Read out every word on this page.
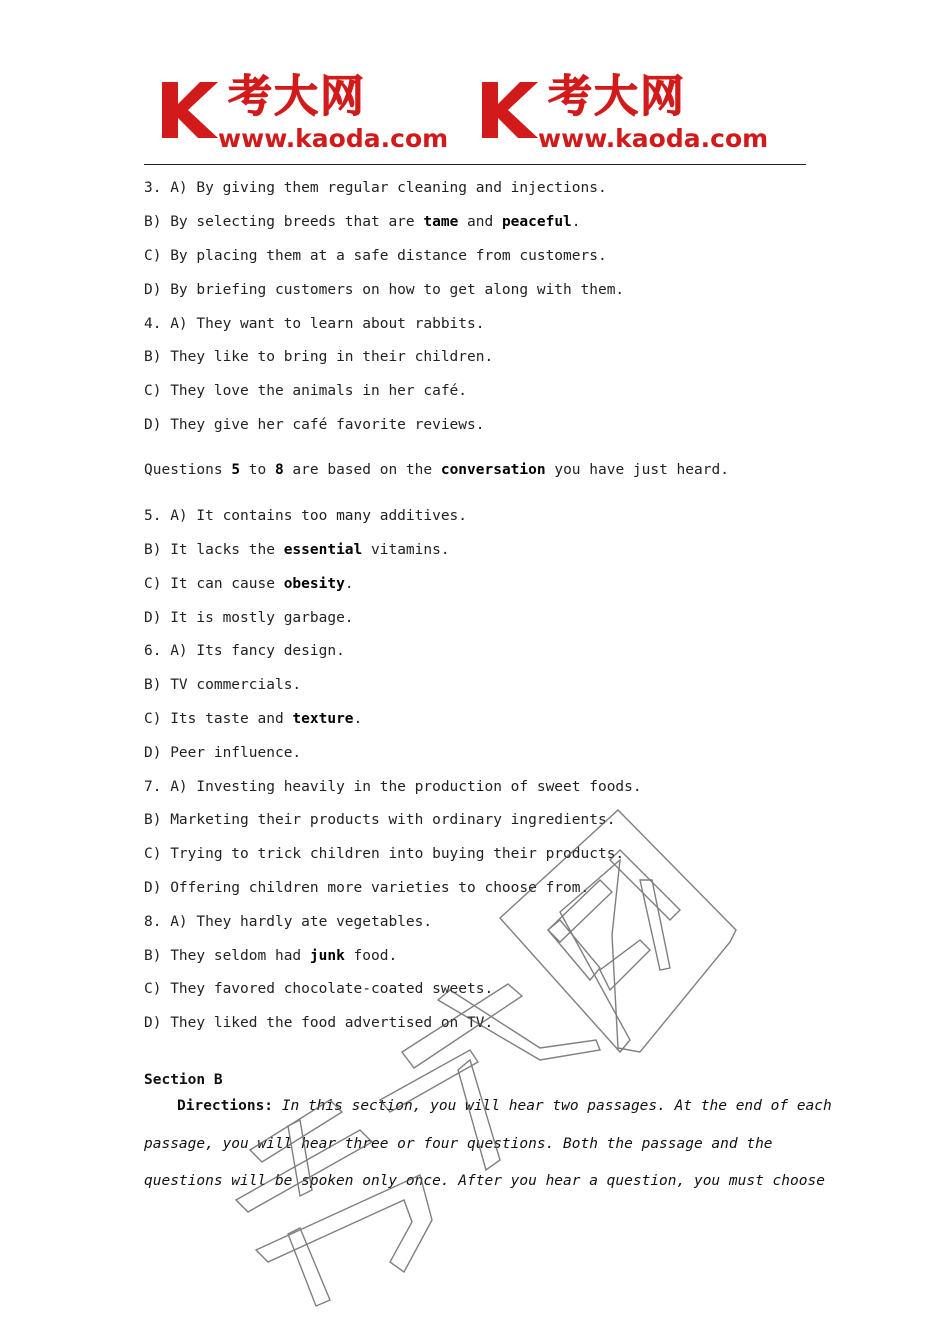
考大网
www.kaoda.com
考大网
www.kaoda.com
3. A) By giving them regular cleaning and injections.
B) By selecting breeds that are tame and peaceful.
C) By placing them at a safe distance from customers.
D) By briefing customers on how to get along with them.
4. A) They want to learn about rabbits.
B) They like to bring in their children.
C) They love the animals in her café.
D) They give her café favorite reviews.
Questions 5 to 8 are based on the conversation you have just heard.
5. A) It contains too many additives.
B) It lacks the essential vitamins.
C) It can cause obesity.
D) It is mostly garbage.
6. A) Its fancy design.
B) TV commercials.
C) Its taste and texture.
D) Peer influence.
7. A) Investing heavily in the production of sweet foods.
B) Marketing their products with ordinary ingredients.
C) Trying to trick children into buying their products.
D) Offering children more varieties to choose from.
8. A) They hardly ate vegetables.
B) They seldom had junk food.
C) They favored chocolate-coated sweets.
D) They liked the food advertised on TV.
Section B
Directions: In this section, you will hear two passages. At the end of each
passage, you will hear three or four questions. Both the passage and the
questions will be spoken only once. After you hear a question, you must choose
